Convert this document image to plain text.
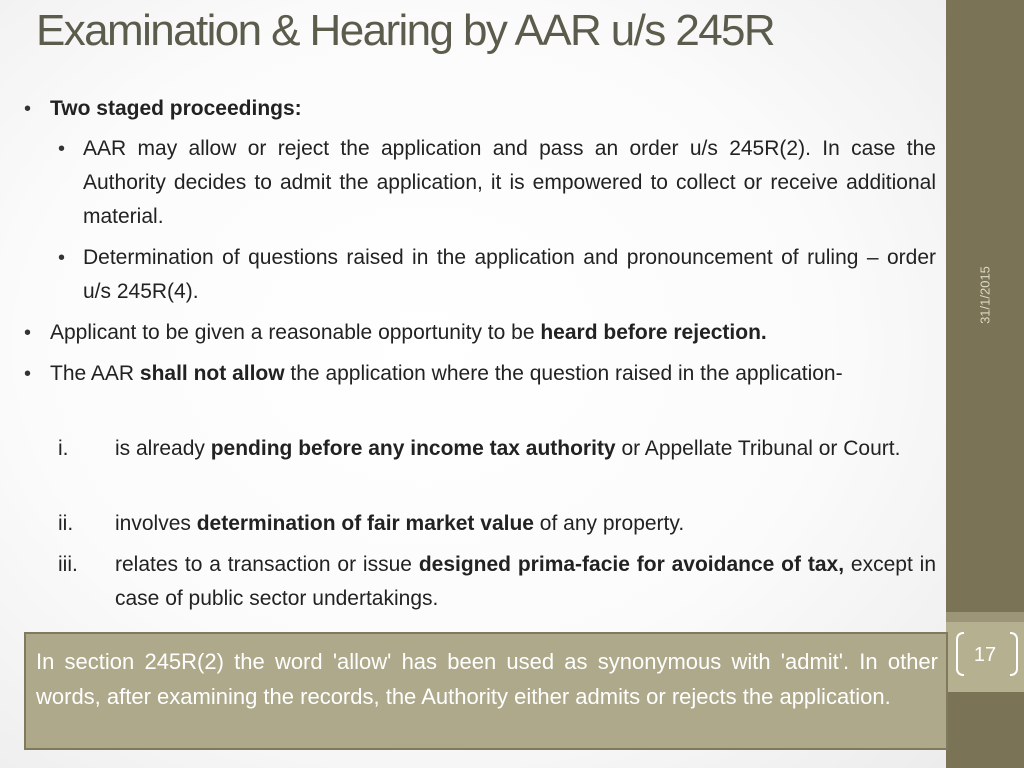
31/1/2015
17
Examination & Hearing by AAR u/s 245R
• Two staged proceedings:
• AAR may allow or reject the application and pass an order u/s 245R(2). In case the Authority decides to admit the application, it is empowered to collect or receive additional material.
• Determination of questions raised in the application and pronouncement of ruling – order u/s 245R(4).
• Applicant to be given a reasonable opportunity to be heard before rejection.
• The AAR shall not allow the application where the question raised in the application-
i. is already pending before any income tax authority or Appellate Tribunal or Court.
ii. involves determination of fair market value of any property.
iii. relates to a transaction or issue designed prima-facie for avoidance of tax, except in case of public sector undertakings.
In section 245R(2) the word 'allow' has been used as synonymous with 'admit'. In other words, after examining the records, the Authority either admits or rejects the application.
